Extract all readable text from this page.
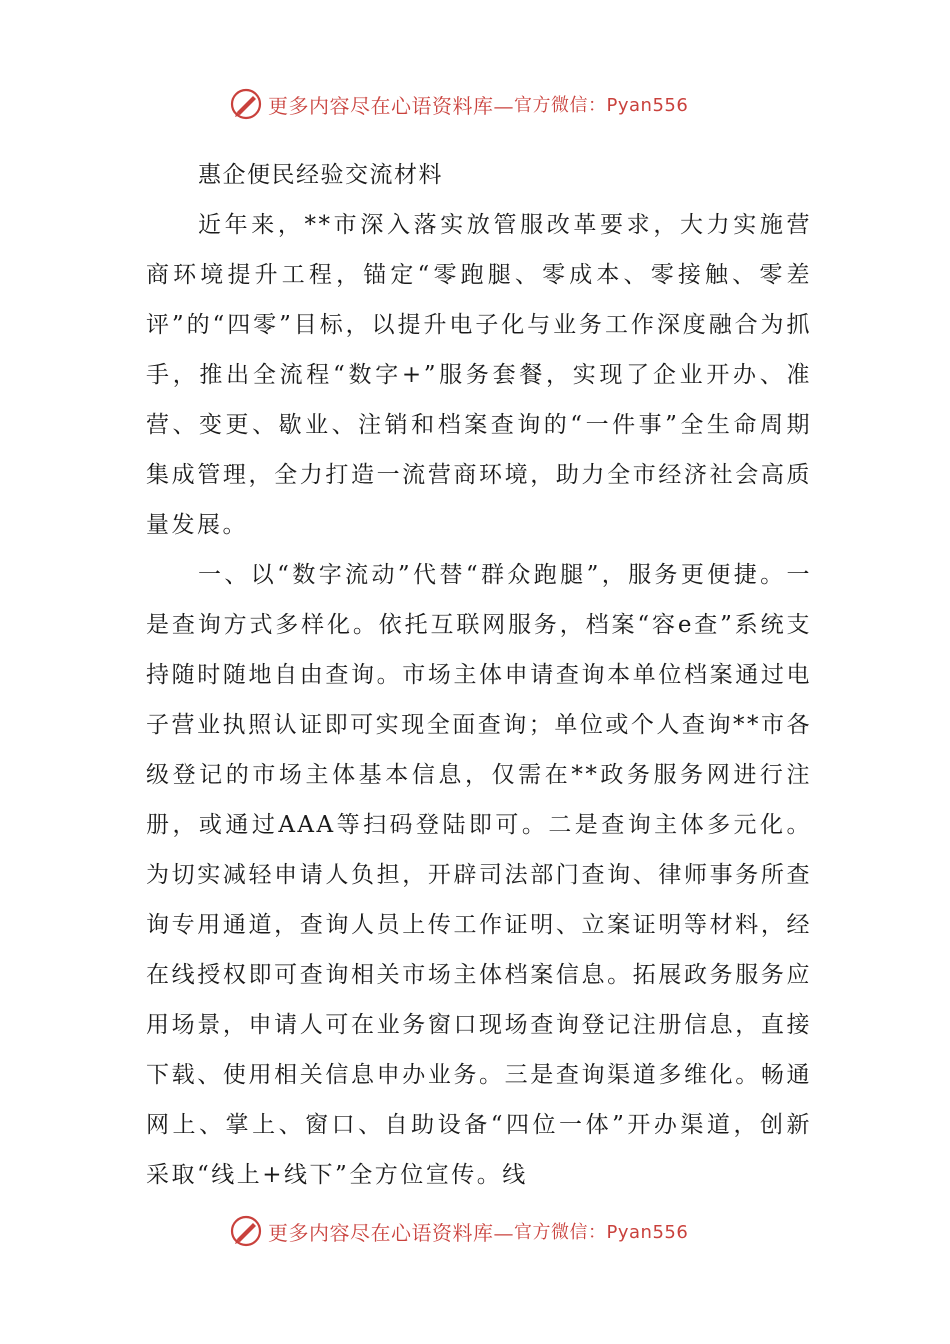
更多内容尽在心语资料库— 官方微信：Pyan556
惠企便民经验交流材料

近年来，**市深入落实放管服改革要求，大力实施营商环境提升工程，锚定“零跑腿、零成本、零接触、零差评”的“四零”目标，以提升电子化与业务工作深度融合为抓手，推出全流程“数字+”服务套餐，实现了企业开办、准营、变更、歇业、注销和档案查询的“一件事”全生命周期集成管理，全力打造一流营商环境，助力全市经济社会高质量发展。

一、以“数字流动”代替“群众跑腿”，服务更便捷。一是查询方式多样化。依托互联网服务，档案“容e查”系统支持随时随地自由查询。市场主体申请查询本单位档案通过电子营业执照认证即可实现全面查询；单位或个人查询**市各级登记的市场主体基本信息，仅需在**政务服务网进行注册，或通过AAA等扫码登陆即可。二是查询主体多元化。为切实减轻申请人负担，开辟司法部门查询、律师事务所查询专用通道，查询人员上传工作证明、立案证明等材料，经在线授权即可查询相关市场主体档案信息。拓展政务服务应用场景，申请人可在业务窗口现场查询登记注册信息，直接下载、使用相关信息申办业务。三是查询渠道多维化。畅通网上、掌上、窗口、自助设备“四位一体”开办渠道，创新采取“线上+线下”全方位宣传。线

更多内容尽在心语资料库— 官方微信：Pyan556
